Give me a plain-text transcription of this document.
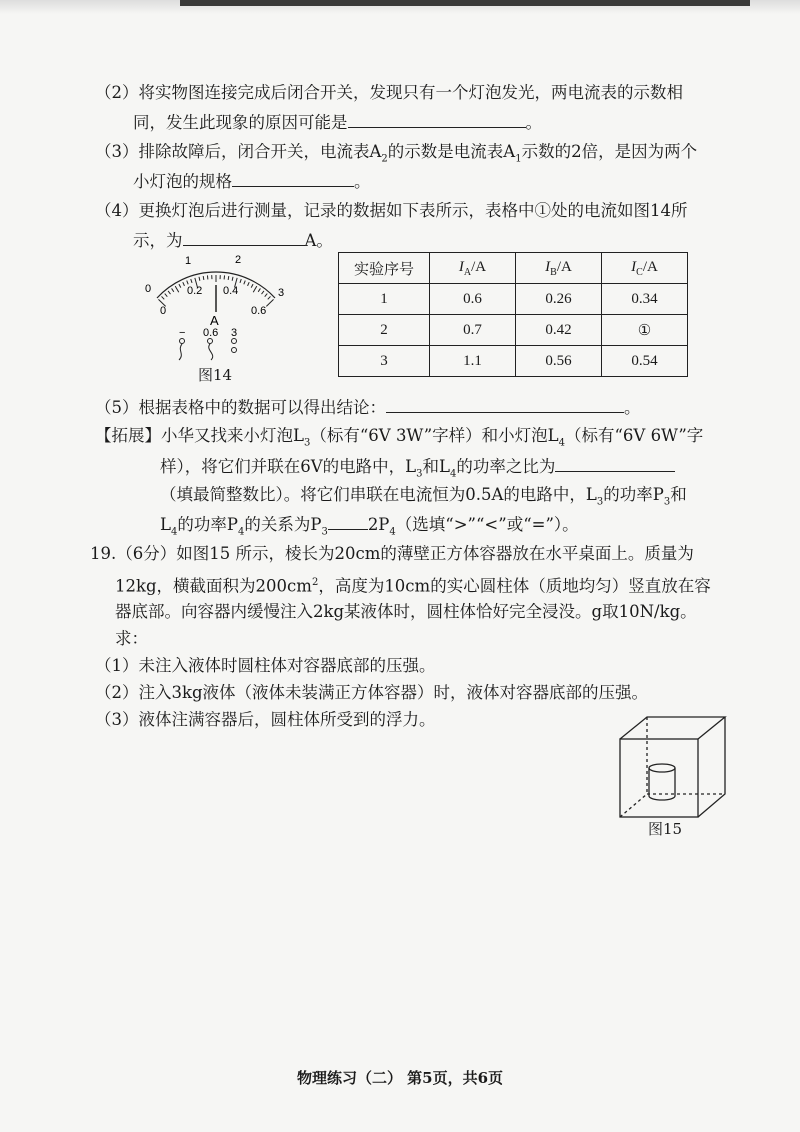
（2）将实物图连接完成后闭合开关，发现只有一个灯泡发光，两电流表的示数相
同，发生此现象的原因可能是	。
（3）排除故障后，闭合开关，电流表$A_2$的示数是电流表$A_1$示数的2倍，是因为两个
小灯泡的规格	。
（4）更换灯泡后进行测量，记录的数据如下表所示，表格中①处的电流如图14所
示，为	A。
0
1	2
3
0
0.2 0.4
0.6
A
− 0.6 3
图14
实验序号	$I_A/A$	$I_B/A$	$I_C/A$
1	0.6	0.26	0.34
2	0.7	0.42	①
3	1.1	0.56	0.54
（5）根据表格中的数据可以得出结论：	。
【拓展】小华又找来小灯泡$L_3$（标有“6V 3W”字样）和小灯泡$L_4$（标有“6V 6W”字
样），将它们并联在6V的电路中，$L_3$和$L_4$的功率之比为
（填最简整数比）。将它们串联在电流恒为0.5A的电路中，$L_3$的功率$P_3$和
$L_4$的功率$P_4$的关系为$P_3$ $2P_4$（选填“>”“<”或“=”）。
19.（6分）如图15 所示，棱长为20cm的薄壁正方体容器放在水平桌面上。质量为
12kg，横截面积为$200cm^2$，高度为10cm的实心圆柱体（质地均匀）竖直放在容
器底部。向容器内缓慢注入2kg某液体时，圆柱体恰好完全浸没。g取10N/kg。
求：
（1）未注入液体时圆柱体对容器底部的压强。
（2）注入3kg液体（液体未装满正方体容器）时，液体对容器底部的压强。
（3）液体注满容器后，圆柱体所受到的浮力。
图15
物理练习（二） 第5页，共6页
